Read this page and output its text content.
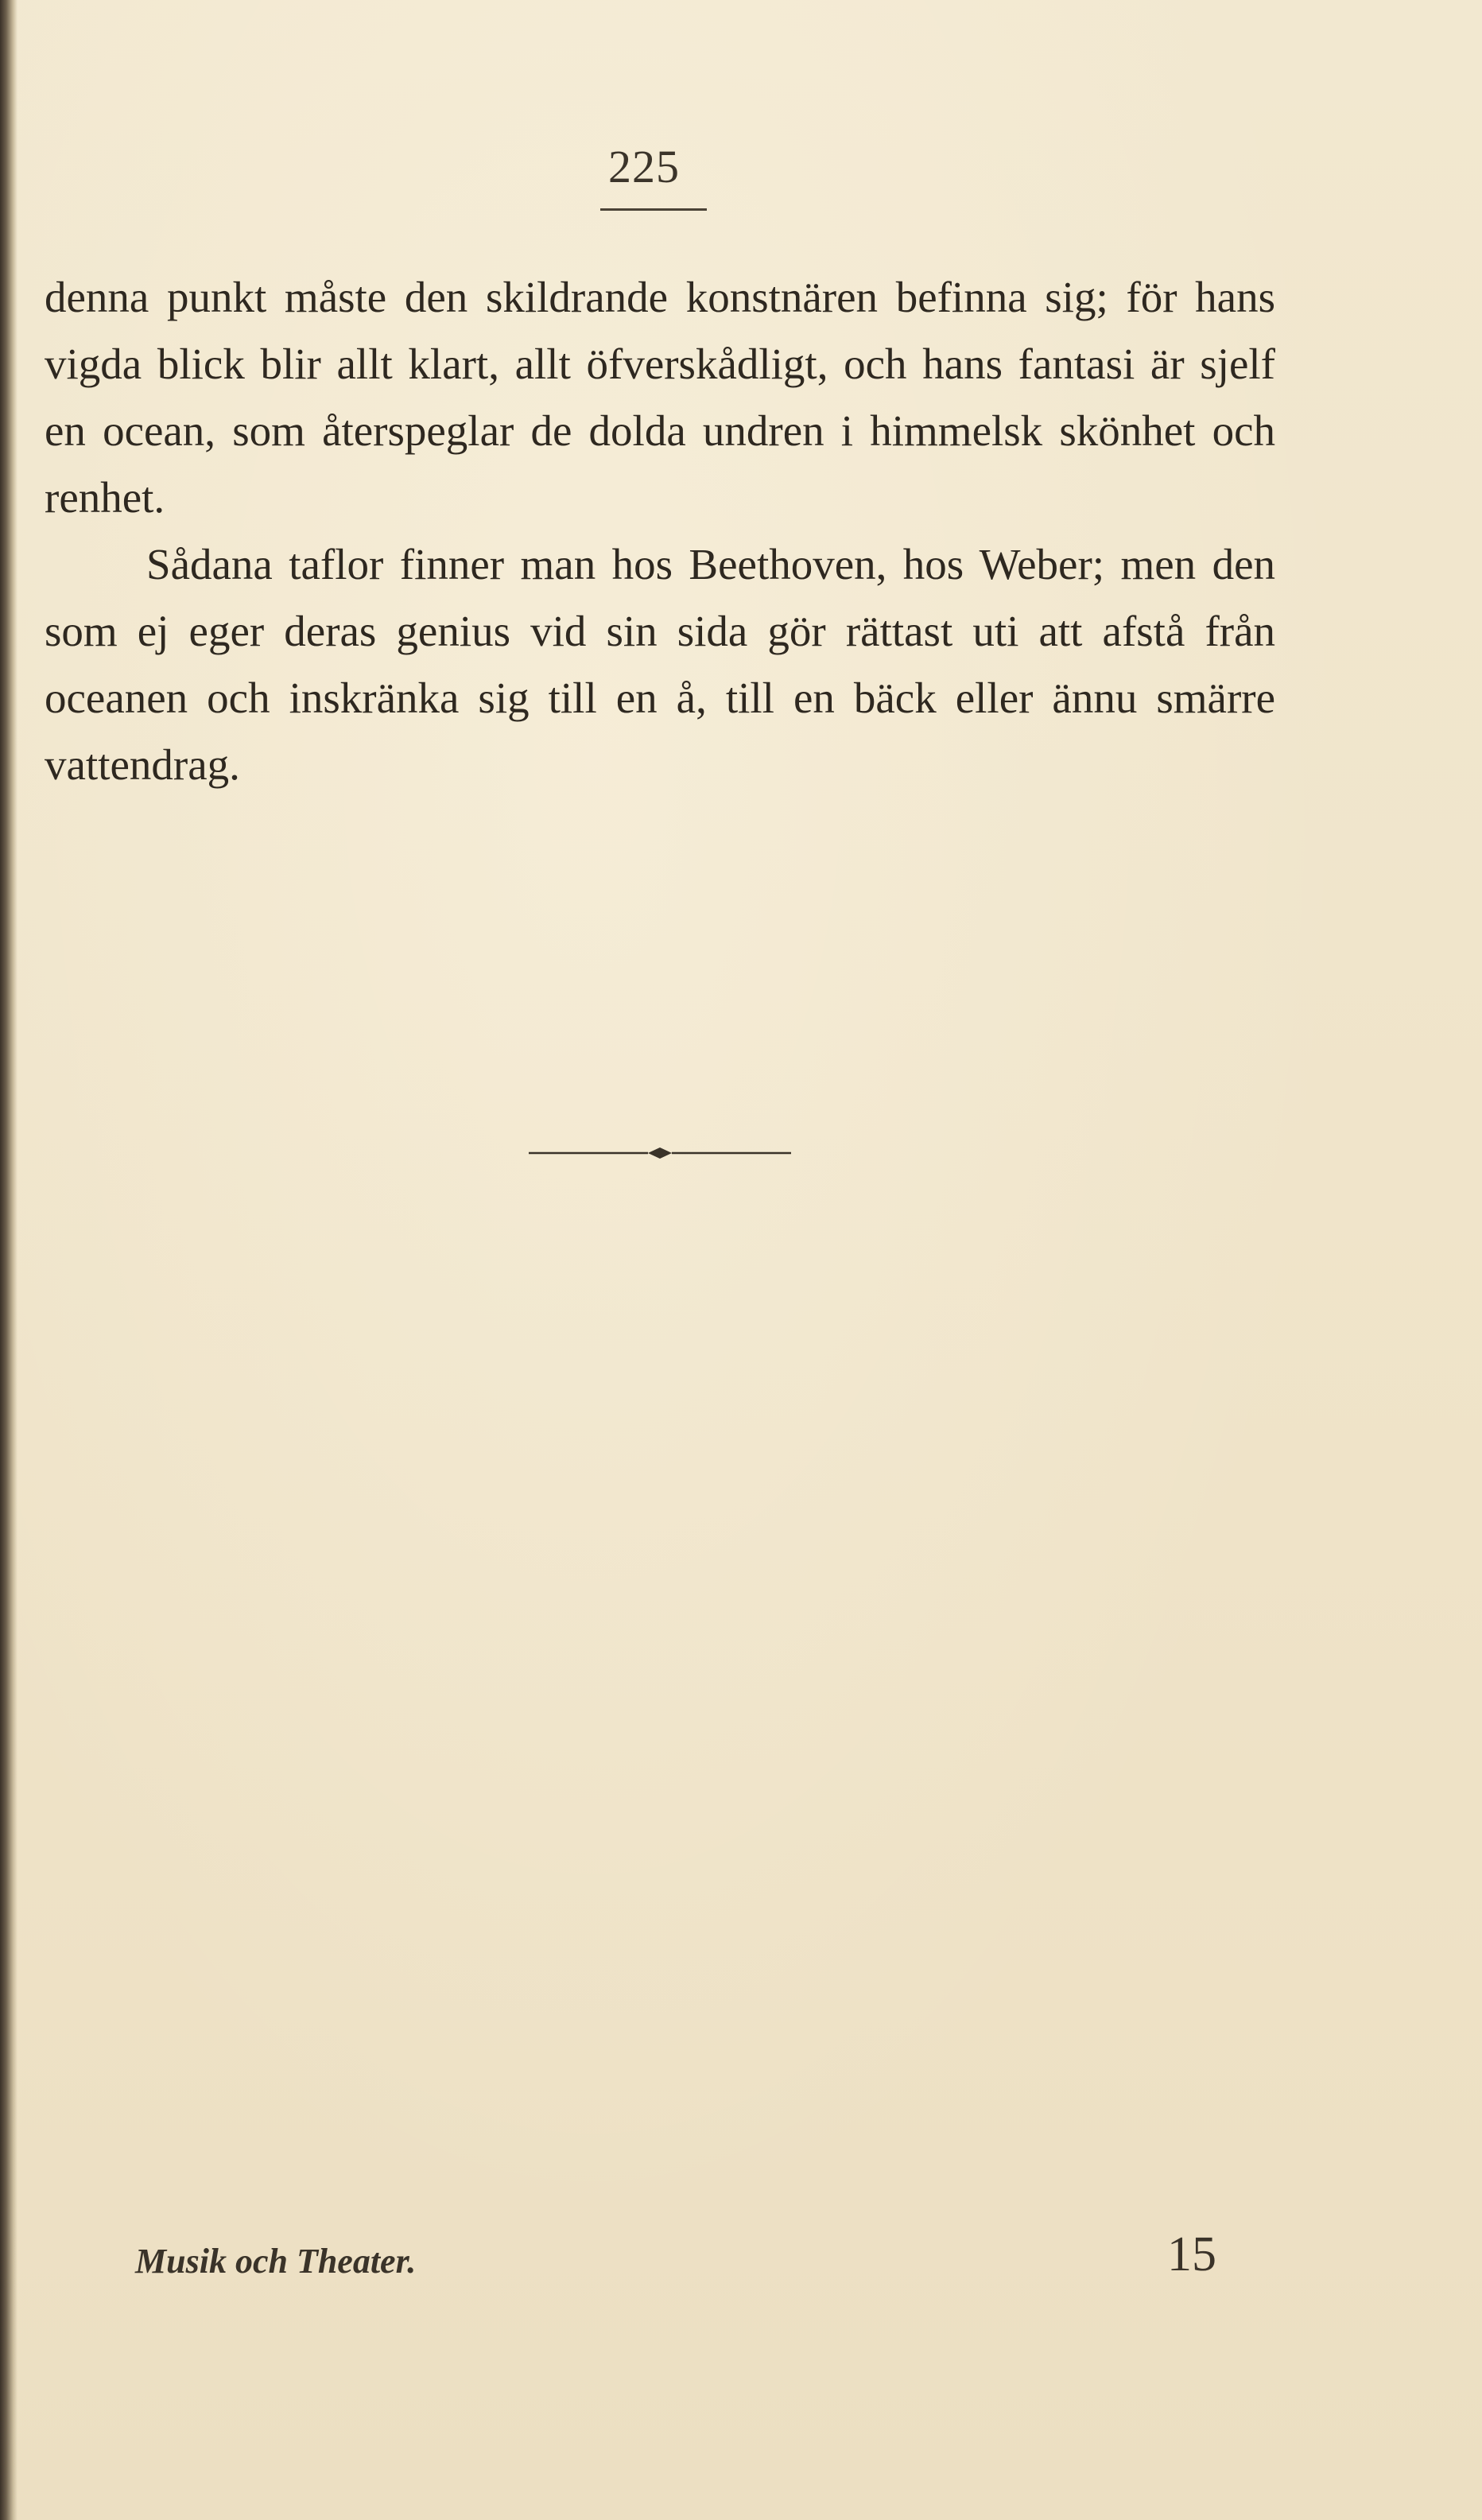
225

denna punkt måste den skildrande konstnären befinna sig; för hans vigda blick blir allt klart, allt öfverskådligt, och hans fantasi är sjelf en ocean, som återspeglar de dolda undren i himmelsk skönhet och renhet.

Sådana taflor finner man hos Beethoven, hos Weber; men den som ej eger deras genius vid sin sida gör rättast uti att afstå från oceanen och inskränka sig till en å, till en bäck eller ännu smärre vattendrag.

Musik och Theater.	15
